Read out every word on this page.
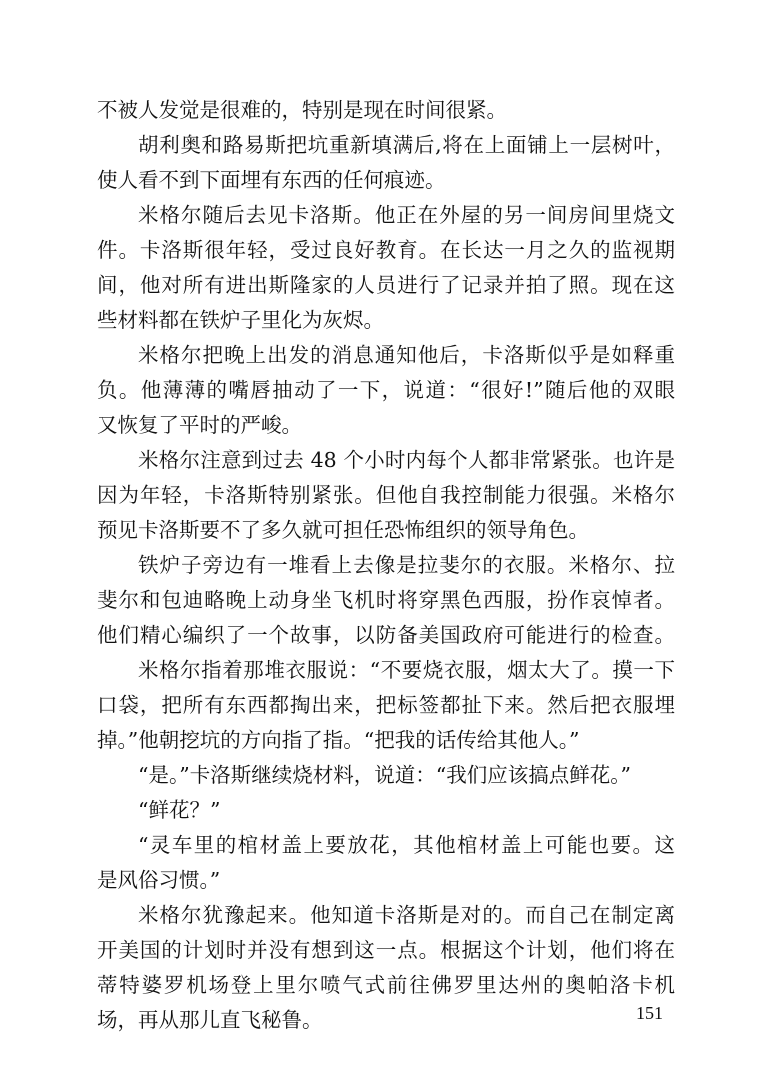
不被人发觉是很难的，特别是现在时间很紧。
胡利奥和路易斯把坑重新填满后,将在上面铺上一层树叶，
使人看不到下面埋有东西的任何痕迹。
米格尔随后去见卡洛斯。他正在外屋的另一间房间里烧文
件。卡洛斯很年轻，受过良好教育。在长达一月之久的监视期
间，他对所有进出斯隆家的人员进行了记录并拍了照。现在这
些材料都在铁炉子里化为灰烬。
米格尔把晚上出发的消息通知他后，卡洛斯似乎是如释重
负。他薄薄的嘴唇抽动了一下，说道：“很好!”随后他的双眼
又恢复了平时的严峻。
米格尔注意到过去 48 个小时内每个人都非常紧张。也许是
因为年轻，卡洛斯特别紧张。但他自我控制能力很强。米格尔
预见卡洛斯要不了多久就可担任恐怖组织的领导角色。
铁炉子旁边有一堆看上去像是拉斐尔的衣服。米格尔、拉
斐尔和包迪略晚上动身坐飞机时将穿黑色西服，扮作哀悼者。
他们精心编织了一个故事，以防备美国政府可能进行的检查。
米格尔指着那堆衣服说：“不要烧衣服，烟太大了。摸一下
口袋，把所有东西都掏出来，把标签都扯下来。然后把衣服埋
掉。”他朝挖坑的方向指了指。“把我的话传给其他人。”
“是。”卡洛斯继续烧材料，说道：“我们应该搞点鲜花。”
“鲜花？”
“灵车里的棺材盖上要放花，其他棺材盖上可能也要。这
是风俗习惯。”
米格尔犹豫起来。他知道卡洛斯是对的。而自己在制定离
开美国的计划时并没有想到这一点。根据这个计划，他们将在
蒂特婆罗机场登上里尔喷气式前往佛罗里达州的奥帕洛卡机
场，再从那儿直飞秘鲁。	151
